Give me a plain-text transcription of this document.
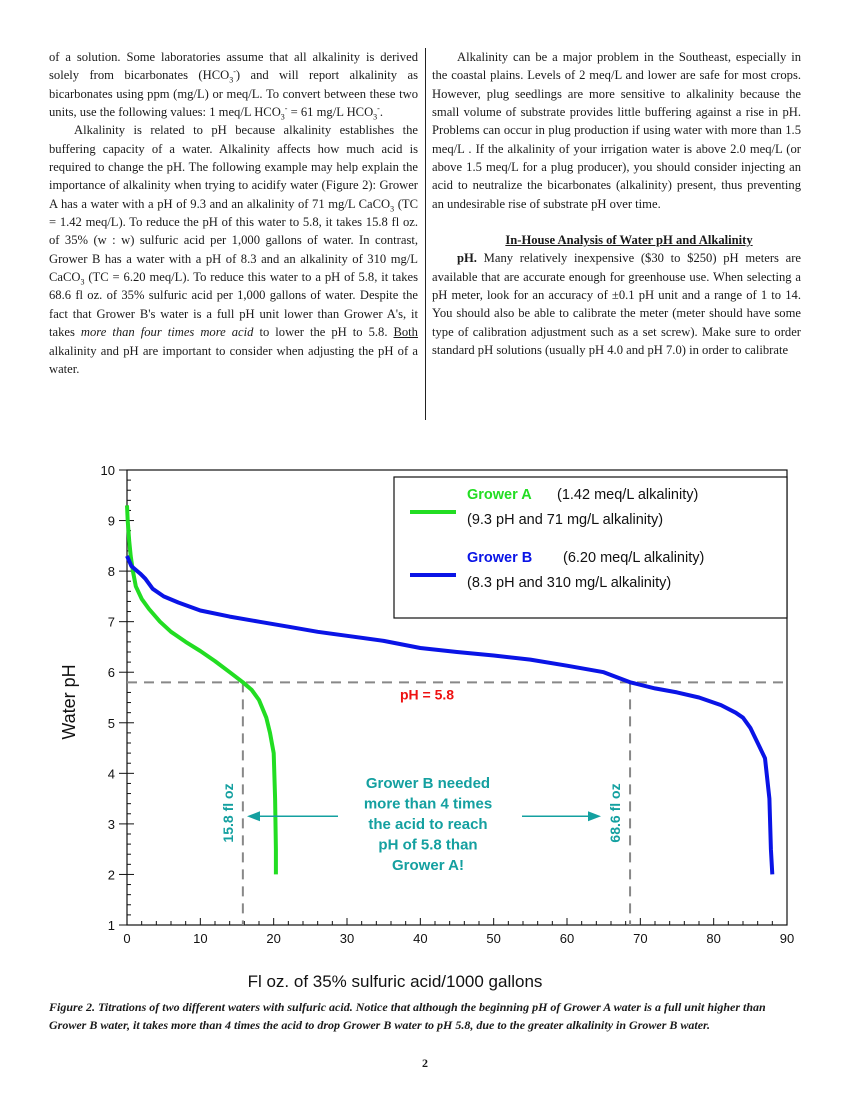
of a solution. Some laboratories assume that all alkalinity is derived solely from bicarbonates $(HCO_3^-)$ and will report alkalinity as bicarbonates using ppm (mg/L) or meq/L. To convert between these two units, use the following values: 1 meq/L $HCO_3^- = 61$ mg/L $HCO_3^-$.

Alkalinity is related to pH because alkalinity establishes the buffering capacity of a water. Alkalinity affects how much acid is required to change the pH. The following example may help explain the importance of alkalinity when trying to acidify water (Figure 2): Grower A has a water with a pH of 9.3 and an alkalinity of 71 mg/L CaCO$_3$ (TC = 1.42 meq/L). To reduce the pH of this water to 5.8, it takes 15.8 fl oz. of 35% (w : w) sulfuric acid per 1,000 gallons of water. In contrast, Grower B has a water with a pH of 8.3 and an alkalinity of 310 mg/L CaCO$_3$ (TC = 6.20 meq/L). To reduce this water to a pH of 5.8, it takes 68.6 fl oz. of 35% sulfuric acid per 1,000 gallons of water. Despite the fact that Grower B's water is a full pH unit lower than Grower A's, it takes more than four times more acid to lower the pH to 5.8. Both alkalinity and pH are important to consider when adjusting the pH of a water.

Alkalinity can be a major problem in the Southeast, especially in the coastal plains. Levels of 2 meq/L and lower are safe for most crops. However, plug seedlings are more sensitive to alkalinity because the small volume of substrate provides little buffering against a rise in pH. Problems can occur in plug production if using water with more than 1.5 meq/L . If the alkalinity of your irrigation water is above 2.0 meq/L (or above 1.5 meq/L for a plug producer), you should consider injecting an acid to neutralize the bicarbonates (alkalinity) present, thus preventing an undesirable rise of substrate pH over time.

In-House Analysis of Water pH and Alkalinity

pH. Many relatively inexpensive ($30 to $250) pH meters are available that are accurate enough for greenhouse use. When selecting a pH meter, look for an accuracy of ±0.1 pH unit and a range of 1 to 14. You should also be able to calibrate the meter (meter should have some type of calibration adjustment such as a set screw). Make sure to order standard pH solutions (usually pH 4.0 and pH 7.0) in order to calibrate

0	10	20	30	40	50	60	70	80	90
1
2
3
4
5
6
7
8
9
10
pH = 5.8
15.8 fl oz	68.6 fl oz
Grower A (1.42 meq/L alkalinity)
(9.3 pH and 71 mg/L alkalinity)
Grower B (6.20 meq/L alkalinity)
(8.3 pH and 310 mg/L alkalinity)
Grower B needed
more than 4 times
the acid to reach
pH of 5.8 than
Grower A!
Fl oz. of 35% sulfuric acid/1000 gallons
Water pH
Figure 2. Titrations of two different waters with sulfuric acid. Notice that although the beginning pH of Grower A water is a full unit higher than Grower B water, it takes more than 4 times the acid to drop Grower B water to pH 5.8, due to the greater alkalinity in Grower B water.
2
